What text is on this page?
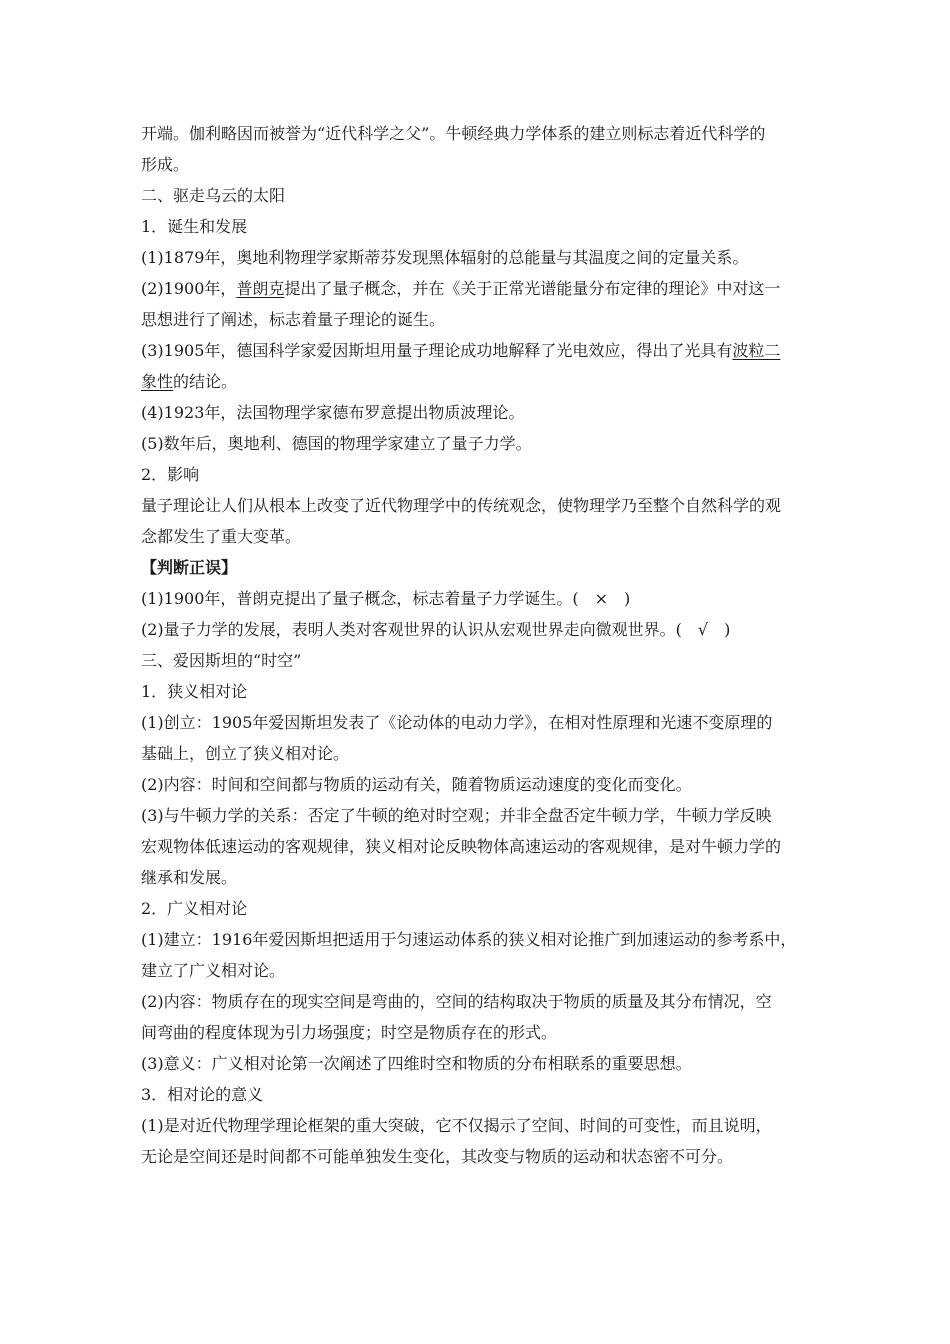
开端。伽利略因而被誉为“近代科学之父”。牛顿经典力学体系的建立则标志着近代科学的
形成。
二、驱走乌云的太阳
1．诞生和发展
(1)1879年，奥地利物理学家斯蒂芬发现黑体辐射的总能量与其温度之间的定量关系。
(2)1900年，普朗克提出了量子概念，并在《关于正常光谱能量分布定律的理论》中对这一
思想进行了阐述，标志着量子理论的诞生。
(3)1905年，德国科学家爱因斯坦用量子理论成功地解释了光电效应，得出了光具有波粒二
象性的结论。
(4)1923年，法国物理学家德布罗意提出物质波理论。
(5)数年后，奥地利、德国的物理学家建立了量子力学。
2．影响
量子理论让人们从根本上改变了近代物理学中的传统观念，使物理学乃至整个自然科学的观
念都发生了重大变革。
【判断正误】
(1)1900年，普朗克提出了量子概念，标志着量子力学诞生。(　×　)
(2)量子力学的发展，表明人类对客观世界的认识从宏观世界走向微观世界。(　√　)
三、爱因斯坦的“时空”
1．狭义相对论
(1)创立：1905年爱因斯坦发表了《论动体的电动力学》，在相对性原理和光速不变原理的
基础上，创立了狭义相对论。
(2)内容：时间和空间都与物质的运动有关，随着物质运动速度的变化而变化。
(3)与牛顿力学的关系：否定了牛顿的绝对时空观；并非全盘否定牛顿力学，牛顿力学反映
宏观物体低速运动的客观规律，狭义相对论反映物体高速运动的客观规律，是对牛顿力学的
继承和发展。
2．广义相对论
(1)建立：1916年爱因斯坦把适用于匀速运动体系的狭义相对论推广到加速运动的参考系中，
建立了广义相对论。
(2)内容：物质存在的现实空间是弯曲的，空间的结构取决于物质的质量及其分布情况，空
间弯曲的程度体现为引力场强度；时空是物质存在的形式。
(3)意义：广义相对论第一次阐述了四维时空和物质的分布相联系的重要思想。
3．相对论的意义
(1)是对近代物理学理论框架的重大突破，它不仅揭示了空间、时间的可变性，而且说明，
无论是空间还是时间都不可能单独发生变化，其改变与物质的运动和状态密不可分。
